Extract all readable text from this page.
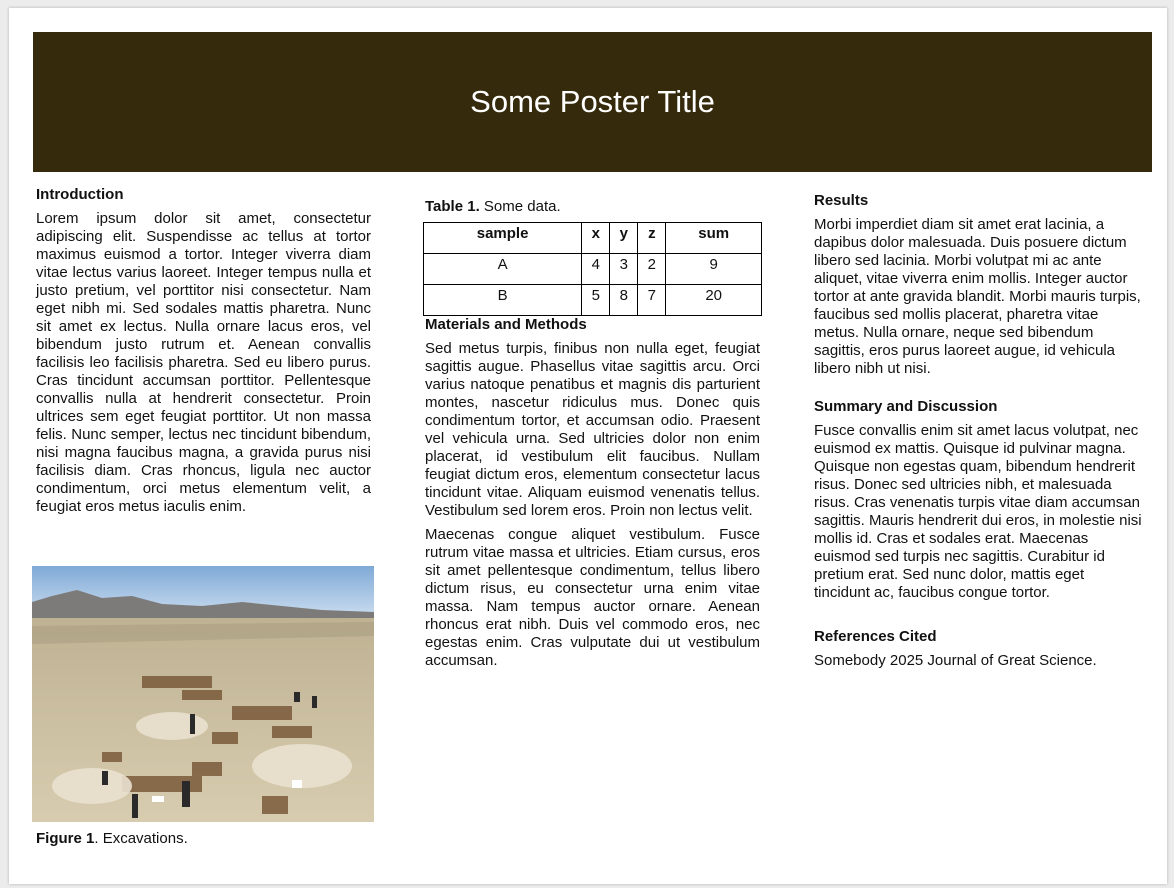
Some Poster Title
Introduction

Lorem ipsum dolor sit amet, consectetur adipiscing elit. Suspendisse ac tellus at tortor maximus euismod a tortor. Integer viverra diam vitae lectus varius laoreet. Integer tempus nulla et justo pretium, vel porttitor nisi consectetur. Nam eget nibh mi. Sed sodales mattis pharetra. Nunc sit amet ex lectus. Nulla ornare lacus eros, vel bibendum justo rutrum et. Aenean convallis facilisis leo facilisis pharetra. Sed eu libero purus. Cras tincidunt accumsan porttitor. Pellentesque convallis nulla at hendrerit consectetur. Proin ultrices sem eget feugiat porttitor. Ut non massa felis. Nunc semper, lectus nec tincidunt bibendum, nisi magna faucibus magna, a gravida purus nisi facilisis diam. Cras rhoncus, ligula nec auctor condimentum, orci metus elementum velit, a feugiat eros metus iaculis enim.

Figure 1. Excavations.

Table 1. Some data.

sample	x	y	z	sum
A	4	3	2	9
B	5	8	7	20
Materials and Methods

Sed metus turpis, finibus non nulla eget, feugiat sagittis augue. Phasellus vitae sagittis arcu. Orci varius natoque penatibus et magnis dis parturient montes, nascetur ridiculus mus. Donec quis condimentum tortor, et accumsan odio. Praesent vel vehicula urna. Sed ultricies dolor non enim placerat, id vestibulum elit faucibus. Nullam feugiat dictum eros, elementum consectetur lacus tincidunt vitae. Aliquam euismod venenatis tellus. Vestibulum sed lorem eros. Proin non lectus velit.

Maecenas congue aliquet vestibulum. Fusce rutrum vitae massa et ultricies. Etiam cursus, eros sit amet pellentesque condimentum, tellus libero dictum risus, eu consectetur urna enim vitae massa. Nam tempus auctor ornare. Aenean rhoncus erat nibh. Duis vel commodo eros, nec egestas enim. Cras vulputate dui ut vestibulum accumsan.

Results

Morbi imperdiet diam sit amet erat lacinia, a dapibus dolor malesuada. Duis posuere dictum libero sed lacinia. Morbi volutpat mi ac ante aliquet, vitae viverra enim mollis. Integer auctor tortor at ante gravida blandit. Morbi mauris turpis, faucibus sed mollis placerat, pharetra vitae metus. Nulla ornare, neque sed bibendum sagittis, eros purus laoreet augue, id vehicula libero nibh ut nisi.

Summary and Discussion

Fusce convallis enim sit amet lacus volutpat, nec euismod ex mattis. Quisque id pulvinar magna. Quisque non egestas quam, bibendum hendrerit risus. Donec sed ultricies nibh, et malesuada risus. Cras venenatis turpis vitae diam accumsan sagittis. Mauris hendrerit dui eros, in molestie nisi mollis id. Cras et sodales erat. Maecenas euismod sed turpis nec sagittis. Curabitur id pretium erat. Sed nunc dolor, mattis eget tincidunt ac, faucibus congue tortor.

References Cited

Somebody 2025 Journal of Great Science.
